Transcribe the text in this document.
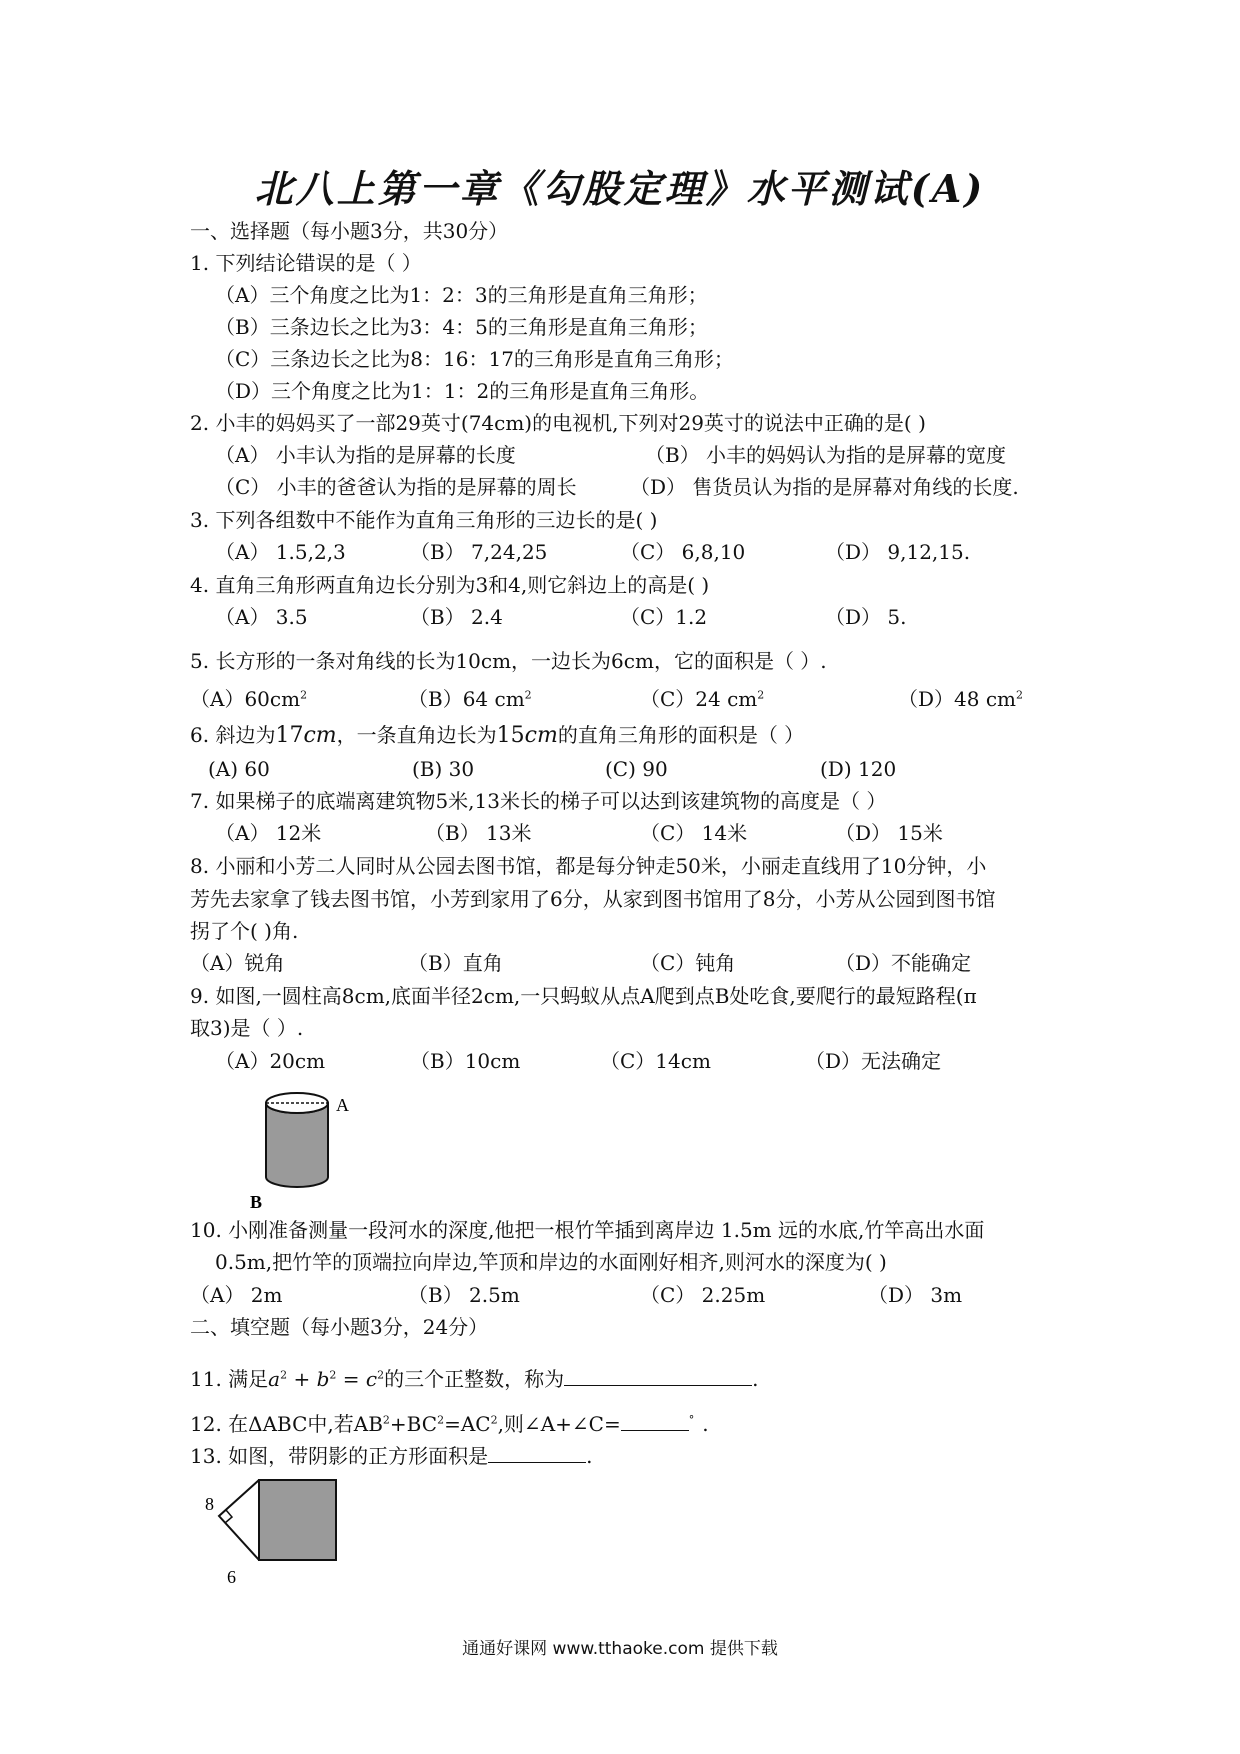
北八上第一章《勾股定理》水平测试(A)
一、选择题（每小题3分，共30分）
1. 下列结论错误的是（ ）
（A）三个角度之比为1：2：3的三角形是直角三角形；
（B）三条边长之比为3：4：5的三角形是直角三角形；
（C）三条边长之比为8：16：17的三角形是直角三角形；
（D）三个角度之比为1：1：2的三角形是直角三角形。
2. 小丰的妈妈买了一部29英寸(74cm)的电视机,下列对29英寸的说法中正确的是( )
（A） 小丰认为指的是屏幕的长度	（B） 小丰的妈妈认为指的是屏幕的宽度
（C） 小丰的爸爸认为指的是屏幕的周长	（D） 售货员认为指的是屏幕对角线的长度.
3. 下列各组数中不能作为直角三角形的三边长的是( )
（A） 1.5,2,3	（B） 7,24,25	（C） 6,8,10	（D） 9,12,15.
4. 直角三角形两直角边长分别为3和4,则它斜边上的高是( )
（A） 3.5	（B） 2.4	（C）1.2	（D） 5.
5. 长方形的一条对角线的长为10cm，一边长为6cm，它的面积是（ ）.
$(A)60cm^2$	（B）64 $cm^2$	（C）24 $cm^2$	（D）48 $cm^2$
6. 斜边为17cm，一条直角边长为15cm的直角三角形的面积是（ ）
(A) 60	(B) 30	(C) 90	(D) 120
7. 如果梯子的底端离建筑物5米,13米长的梯子可以达到该建筑物的高度是（ ）
（A） 12米	（B） 13米	（C） 14米	（D） 15米
8. 小丽和小芳二人同时从公园去图书馆，都是每分钟走50米，小丽走直线用了10分钟，小
芳先去家拿了钱去图书馆，小芳到家用了6分，从家到图书馆用了8分，小芳从公园到图书馆
拐了个( )角.
（A）锐角	（B）直角	（C）钝角	（D）不能确定
9. 如图,一圆柱高8cm,底面半径2cm,一只蚂蚁从点A爬到点B处吃食,要爬行的最短路程(π
取3)是（ ）.
（A）20cm	（B）10cm	（C）14cm	（D）无法确定
A
B
10. 小刚准备测量一段河水的深度,他把一根竹竿插到离岸边 1.5m 远的水底,竹竿高出水面
0.5m,把竹竿的顶端拉向岸边,竿顶和岸边的水面刚好相齐,则河水的深度为( )
（A） 2m	（B） 2.5m	（C） 2.25m	（D） 3m
二、填空题（每小题3分，24分）
11. 满足$a^2 + b^2 = c^2$的三个正整数，称为	.
12. 在ΔABC中,若$AB^2+BC^2=AC^2$,则∠A+∠C=	° .
13. 如图，带阴影的正方形面积是	.
8
6
通通好课网 www.tthaoke.com 提供下载
